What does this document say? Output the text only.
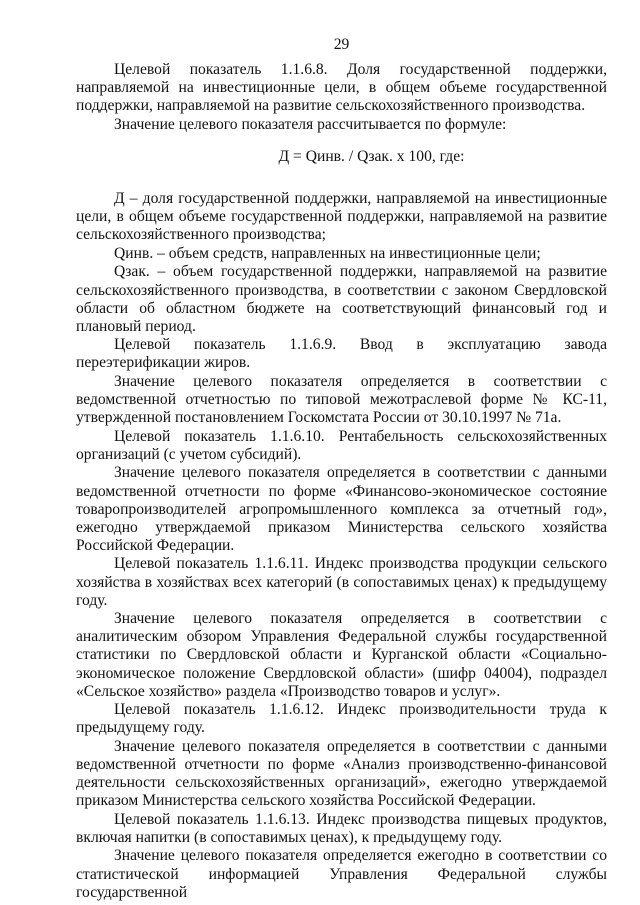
29

Целевой показатель 1.1.6.8. Доля государственной поддержки, направляемой на инвестиционные цели, в общем объеме государственной поддержки, направляемой на развитие сельскохозяйственного производства.

Значение целевого показателя рассчитывается по формуле:

Д = Qинв. / Qзак. х 100, где:

Д – доля государственной поддержки, направляемой на инвестиционные цели, в общем объеме государственной поддержки, направляемой на развитие сельскохозяйственного производства;

Qинв. – объем средств, направленных на инвестиционные цели;

Qзак. – объем государственной поддержки, направляемой на развитие сельскохозяйственного производства, в соответствии с законом Свердловской области об областном бюджете на соответствующий финансовый год и плановый период.

Целевой показатель 1.1.6.9. Ввод в эксплуатацию завода переэтерификации жиров.

Значение целевого показателя определяется в соответствии с ведомственной отчетностью по типовой межотраслевой форме № КС-11, утвержденной постановлением Госкомстата России от 30.10.1997 № 71а.

Целевой показатель 1.1.6.10. Рентабельность сельскохозяйственных организаций (с учетом субсидий).

Значение целевого показателя определяется в соответствии с данными ведомственной отчетности по форме «Финансово-экономическое состояние товаропроизводителей агропромышленного комплекса за отчетный год», ежегодно утверждаемой приказом Министерства сельского хозяйства Российской Федерации.

Целевой показатель 1.1.6.11. Индекс производства продукции сельского хозяйства в хозяйствах всех категорий (в сопоставимых ценах) к предыдущему году.

Значение целевого показателя определяется в соответствии с аналитическим обзором Управления Федеральной службы государственной статистики по Свердловской области и Курганской области «Социально-экономическое положение Свердловской области» (шифр 04004), подраздел «Сельское хозяйство» раздела «Производство товаров и услуг».

Целевой показатель 1.1.6.12. Индекс производительности труда к предыдущему году.

Значение целевого показателя определяется в соответствии с данными ведомственной отчетности по форме «Анализ производственно-финансовой деятельности сельскохозяйственных организаций», ежегодно утверждаемой приказом Министерства сельского хозяйства Российской Федерации.

Целевой показатель 1.1.6.13. Индекс производства пищевых продуктов, включая напитки (в сопоставимых ценах), к предыдущему году.

Значение целевого показателя определяется ежегодно в соответствии со статистической информацией Управления Федеральной службы государственной
